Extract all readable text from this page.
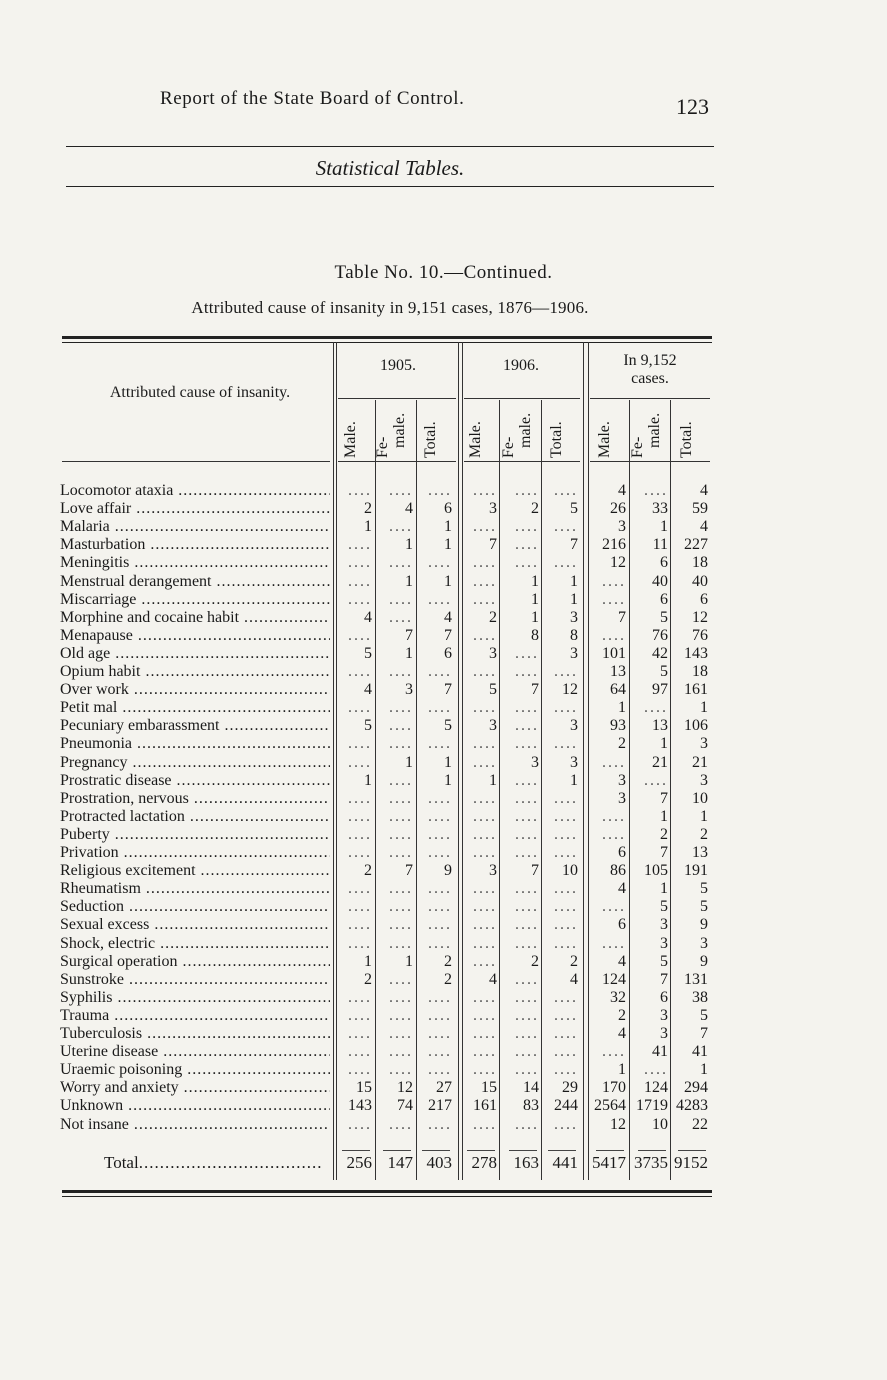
Report of the State Board of Control.	123
Statistical Tables.
Table No. 10.—Continued.
Attributed cause of insanity in 9,151 cases, 1876—1906.
Attributed cause of insanity.
1905.	1906.	In 9,152 cases.
Male. Fe- male. Total. Male. Fe- male. Total. Male. Fe- male. Total.
Locomotor ataxia .....	....	.... ....	....	.... ....	4	....	4
Love affair .....	2	4	6	3	2	5	26	33	59
Malaria .....	1	....	1	....	.... ....	3	1	4
Masturbation .....	....	1	1	7	....	7	216	11	227
Meningitis .....	....	.... ....	....	.... ....	12	6	18
Menstrual derangement .....	....	1	1	....	1	1	....	40	40
Miscarriage .....	....	.... ....	....	1	1	....	6	6
Morphine and cocaine habit .....	4	....	4	2	1	3	7	5	12
Menapause .....	....	7	7	....	8	8	....	76	76
Old age .....	5	1	6	3	....	3	101	42	143
Opium habit .....	....	.... ....	....	.... ....	13	5	18
Over work .....	4	3	7	5	7	12	64	97	161
Petit mal .....	....	.... ....	....	.... ....	1	....	1
Pecuniary embarassment .....	5	....	5	3	....	3	93	13	106
Pneumonia .....	....	.... ....	....	.... ....	2	1	3
Pregnancy .....	....	1	1	....	3	3	....	21	21
Prostratic disease .....	1	....	1	1	....	1	3	....	3
Prostration, nervous .....	....	.... ....	....	.... ....	3	7	10
Protracted lactation .....	....	.... ....	....	.... ....	....	1	1
Puberty .....	....	.... ....	....	.... ....	....	2	2
Privation .....	....	.... ....	....	.... ....	6	7	13
Religious excitement .....	2	7	9	3	7	10	86	105	191
Rheumatism .....	....	.... ....	....	.... ....	4	1	5
Seduction .....	....	.... ....	....	.... ....	....	5	5
Sexual excess .....	....	.... ....	....	.... ....	6	3	9
Shock, electric .....	....	.... ....	....	.... ....	....	3	3
Surgical operation .....	1	1	2	....	2	2	4	5	9
Sunstroke .....	2	....	2	4	....	4	124	7	131
Syphilis .....	....	.... ....	....	.... ....	32	6	38
Trauma .....	....	.... ....	....	.... ....	2	3	5
Tuberculosis .....	....	.... ....	....	.... ....	4	3	7
Uterine disease .....	....	.... ....	....	.... ....	....	41	41
Uraemic poisoning .....	....	.... ....	....	.... ....	1	....	1
Worry and anxiety .....	15	12	27	15	14	29	170	124	294
Unknown .....	143	74 217	161	83 244	2564 1719 4283
Not insane .....	....	.... ....	....	.... ....	12	10	22
Total .....	256 147 403	278 163 441 5417 3735 9152
